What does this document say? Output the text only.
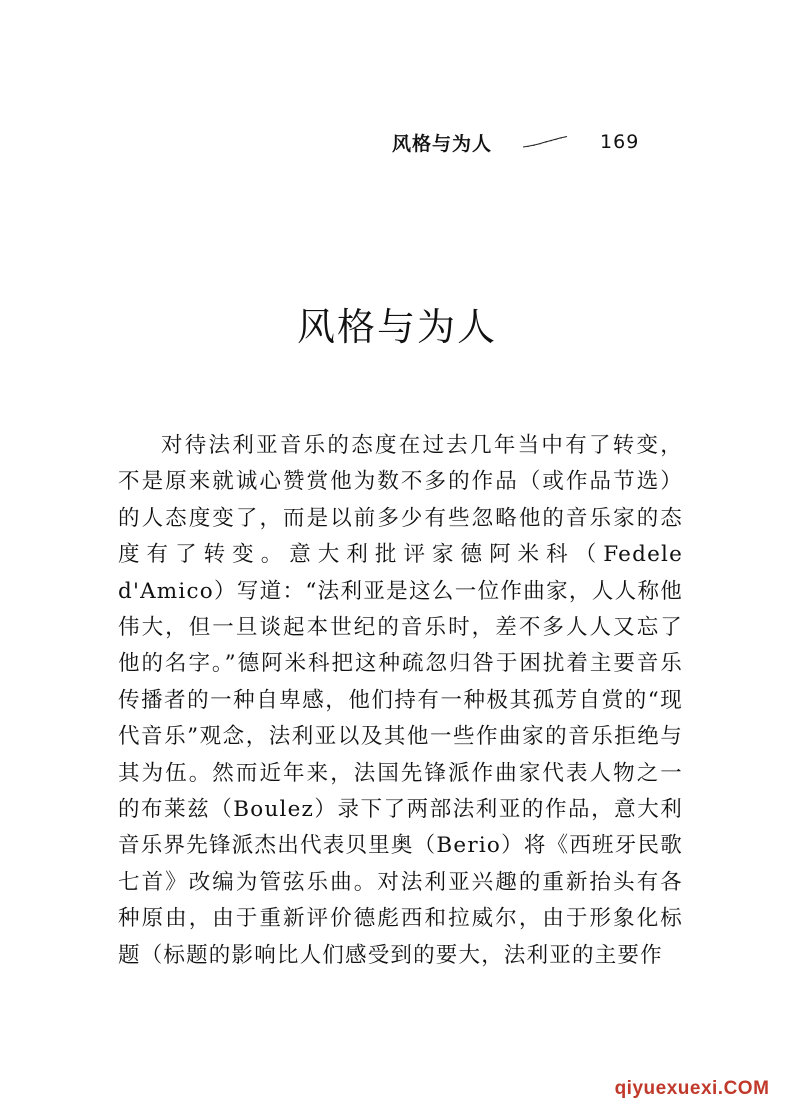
风格与为人	169
风格与为人

对待法利亚音乐的态度在过去几年当中有了转变，不是原来就诚心赞赏他为数不多的作品（或作品节选）的人态度变了，而是以前多少有些忽略他的音乐家的态度有了转变。意大利批评家德阿米科（Fedele d'Amico）写道：“法利亚是这么一位作曲家，人人称他伟大，但一旦谈起本世纪的音乐时，差不多人人又忘了他的名字。”德阿米科把这种疏忽归咎于困扰着主要音乐传播者的一种自卑感，他们持有一种极其孤芳自赏的“现代音乐”观念，法利亚以及其他一些作曲家的音乐拒绝与其为伍。然而近年来，法国先锋派作曲家代表人物之一的布莱兹（Boulez）录下了两部法利亚的作品，意大利音乐界先锋派杰出代表贝里奥（Berio）将《西班牙民歌七首》改编为管弦乐曲。对法利亚兴趣的重新抬头有各种原由，由于重新评价德彪西和拉威尔，由于形象化标题（标题的影响比人们感受到的要大，法利亚的主要作

qiyuexuexi.COM
